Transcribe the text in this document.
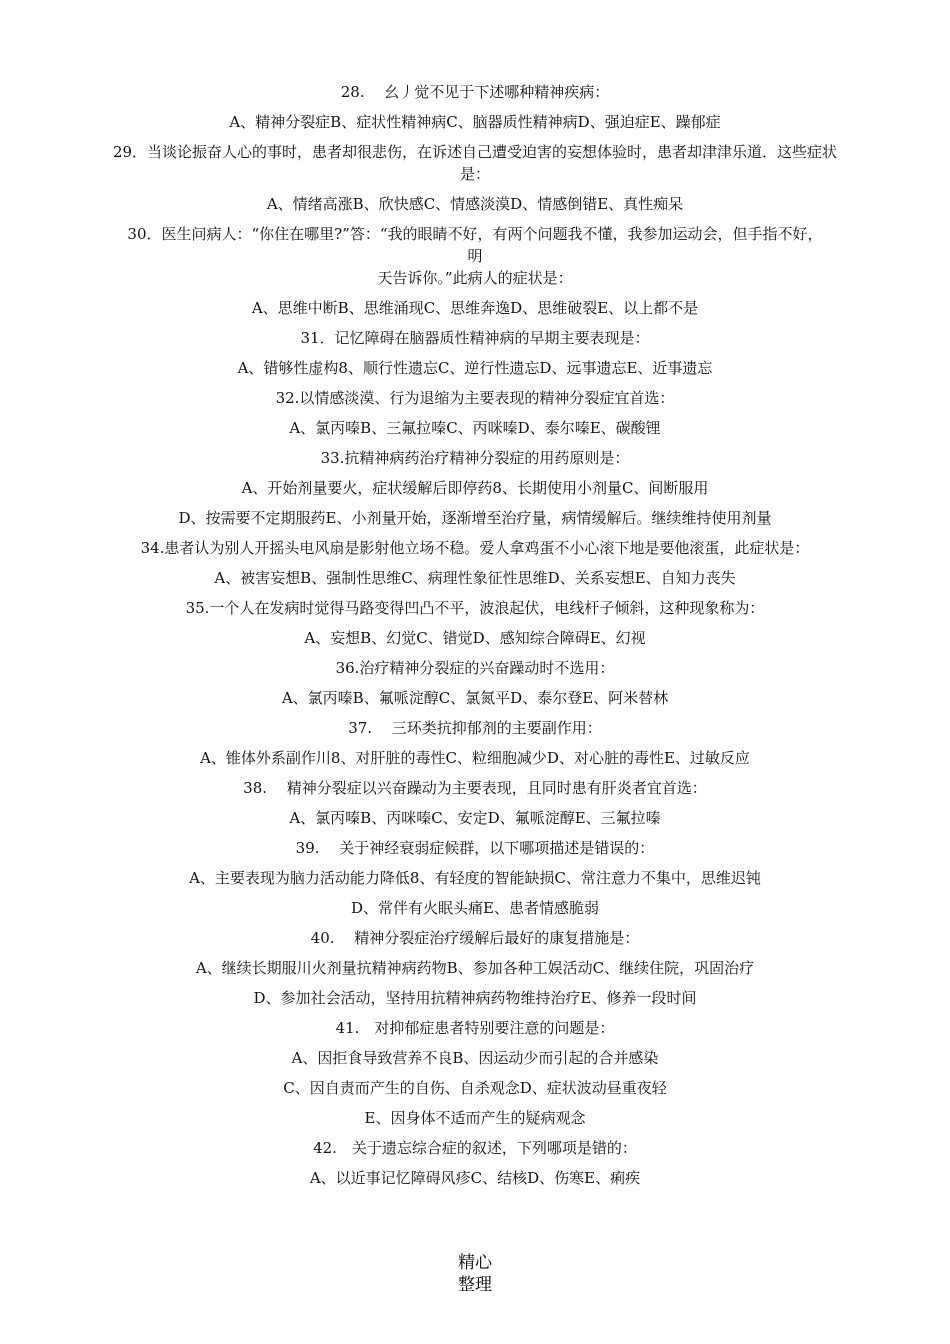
28.　 幺丿觉不见于下述哪种精神疾病：
A、精神分裂症B、症状性精神病C、脑器质性精神病D、强迫症E、躁郁症
29．当谈论振奋人心的事时，患者却很悲伤，在诉述自己遭受迫害的妄想体验时，患者却津津乐道．这些症状
是：
A、情绪高涨B、欣快感C、情感淡漠D、情感倒错E、真性痴呆
30．医生问病人：“你住在哪里?”答：“我的眼睛不好，有两个问题我不懂，我参加运动会，但手指不好，
明
天告诉你。”此病人的症状是：
A、思维中断B、思维涌现C、思维奔逸D、思维破裂E、以上都不是
31．记忆障碍在脑器质性精神病的早期主要表现是：
A、错够性虚构8、顺行性遗忘C、逆行性遗忘D、远事遗忘E、近事遗忘
32.以情感淡漠、行为退缩为主要表现的精神分裂症宜首选：
A、氯丙嗪B、三氟拉嗪C、丙咪嗪D、泰尔嗪E、碳酸锂
33.抗精神病药治疗精神分裂症的用药原则是：
A、开始剂量要火，症状缓解后即停药8、长期使用小剂量C、间断服用
D、按需要不定期服药E、小剂量开始，逐渐增至治疗量，病情缓解后。继续维持使用剂量
34.患者认为别人开摇头电风扇是影射他立场不稳。爱人拿鸡蛋不小心滚下地是要他滚蛋，此症状是：
A、被害妄想B、强制性思维C、病理性象征性思维D、关系妄想E、自知力丧失
35.一个人在发病时觉得马路变得凹凸不平，波浪起伏，电线杆子倾斜，这种现象称为：
A、妄想B、幻觉C、错觉D、感知综合障碍E、幻视
36.治疗精神分裂症的兴奋躁动时不选用：
A、氯丙嗪B、氟哌淀醇C、氯氮平D、泰尔登E、阿米替林
37.　 三环类抗抑郁剂的主要副作用：
A、锥体外系副作川8、对肝脏的毒性C、粒细胞减少D、对心脏的毒性E、过敏反应
38.　 精神分裂症以兴奋躁动为主要表现，且同时患有肝炎者宜首选：
A、氯丙嗪B、丙咪嗪C、安定D、氟哌淀醇E、三氟拉嗪
39.　 关于神经衰弱症候群，以下哪项描述是错误的：
A、主要表现为脑力活动能力降低8、有轻度的智能缺损C、常注意力不集中，思维迟钝
D、常伴有火眠头痛E、患者情感脆弱
40.　 精神分裂症治疗缓解后最好的康复措施是：
A、继续长期服川火剂量抗精神病药物B、参加各种工娱活动C、继续住院，巩固治疗
D、参加社会活动，坚持用抗精神病药物维持治疗E、修养一段时间
41.　对抑郁症患者特别要注意的问题是：
A、因拒食导致营养不良B、因运动少而引起的合并感染
C、因自责而产生的自伤、自杀观念D、症状波动昼重夜轻
E、因身体不适而产生的疑病观念
42.　关于遗忘综合症的叙述，下列哪项是错的：
A、以近事记忆障碍风疹C、结核D、伤寒E、痢疾
精心
整理
